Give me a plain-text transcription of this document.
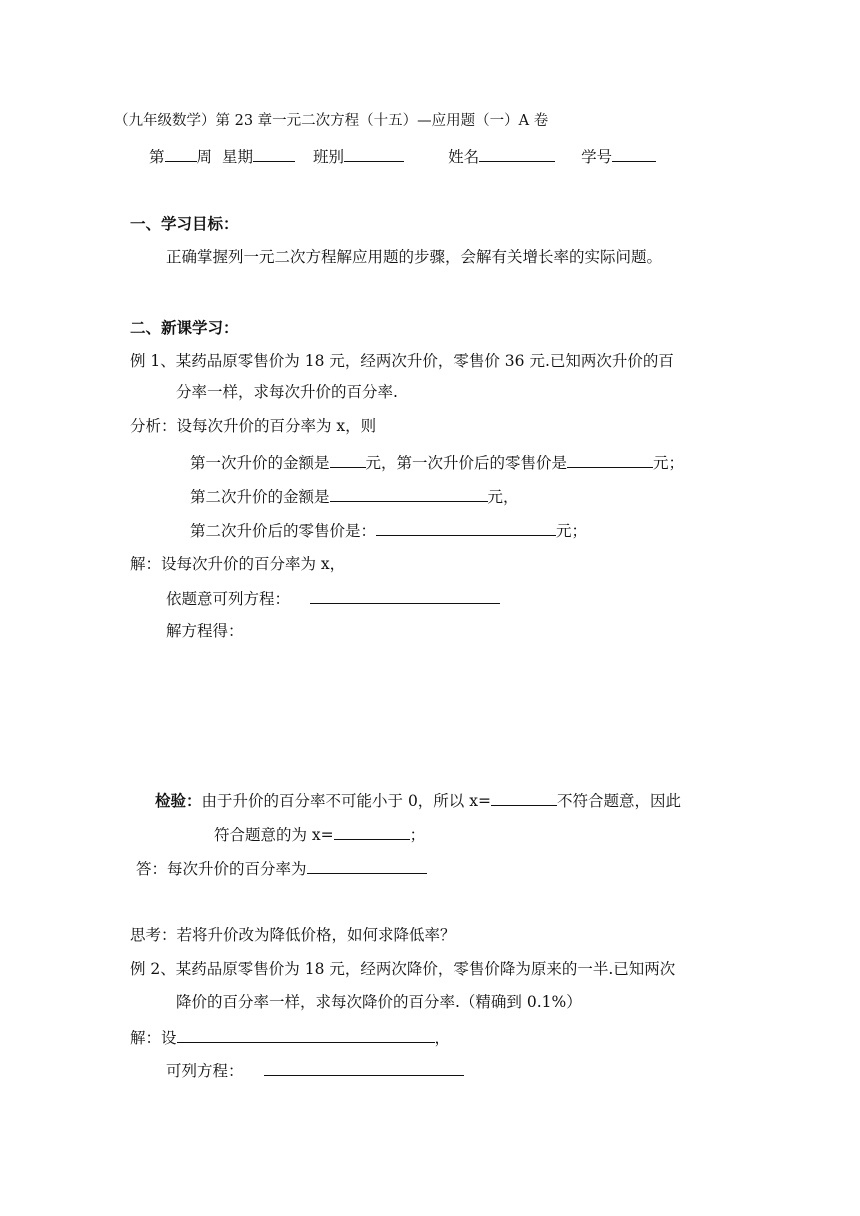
（九年级数学）第 23 章一元二次方程（十五）—应用题（一）A 卷
第 周 星期	班别	姓名	学号
一、学习目标：
正确掌握列一元二次方程解应用题的步骤，会解有关增长率的实际问题。
二、新课学习：
例 1、某药品原零售价为 18 元，经两次升价，零售价 36 元.已知两次升价的百
分率一样，求每次升价的百分率.
分析：设每次升价的百分率为 x，则
第一次升价的金额是 元，第一次升价后的零售价是	元；
第二次升价的金额是	元，
第二次升价后的零售价是：	元；
解：设每次升价的百分率为 x，
依题意可列方程：
解方程得：
检验：由于升价的百分率不可能小于 0，所以 x=	不符合题意，因此
符合题意的为 x=	；
答：每次升价的百分率为
思考：若将升价改为降低价格，如何求降低率？
例 2、某药品原零售价为 18 元，经两次降价，零售价降为原来的一半.已知两次
降价的百分率一样，求每次降价的百分率.（精确到 0.1%）
解：设	，
可列方程：
